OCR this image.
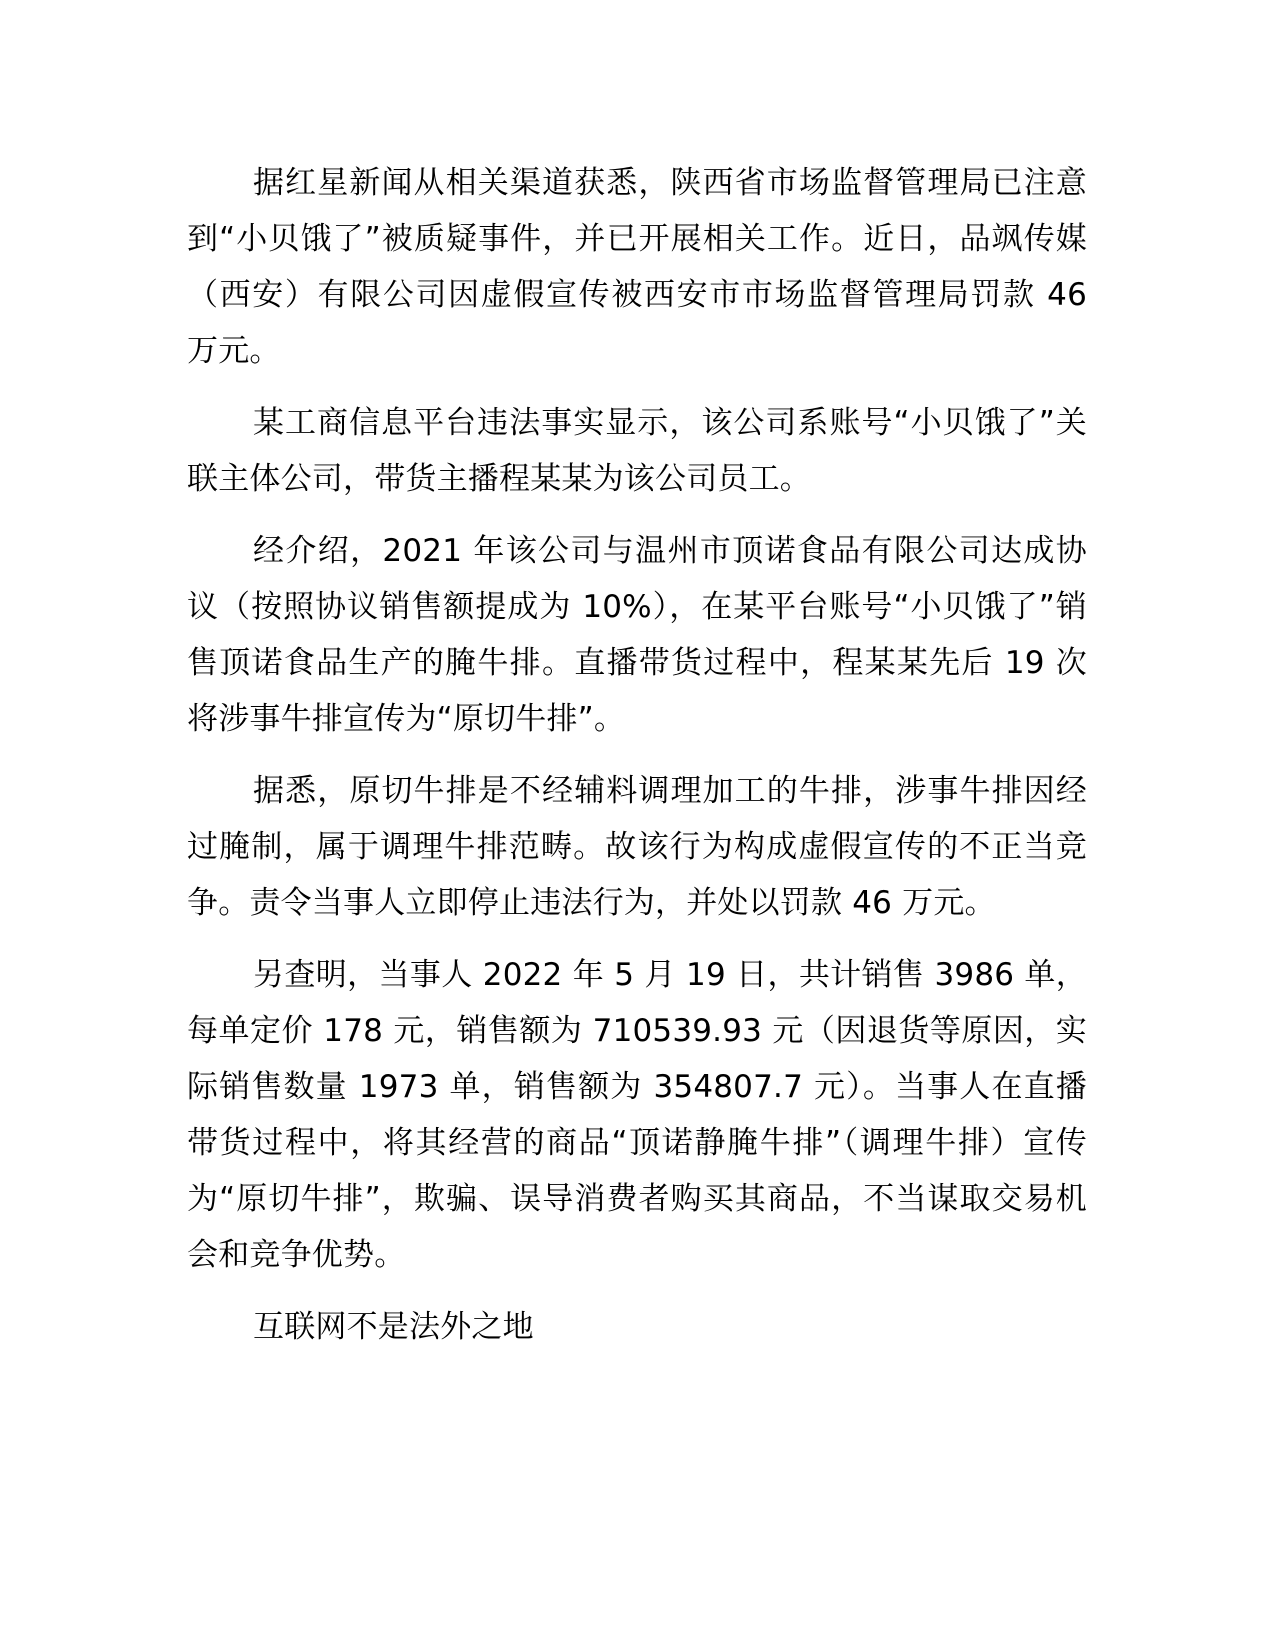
据红星新闻从相关渠道获悉，陕西省市场监督管理局已注意到“小贝饿了”被质疑事件，并已开展相关工作。近日，品飒传媒（西安）有限公司因虚假宣传被西安市市场监督管理局罚款 46 万元。

某工商信息平台违法事实显示，该公司系账号“小贝饿了”关联主体公司，带货主播程某某为该公司员工。

经介绍，2021 年该公司与温州市顶诺食品有限公司达成协议（按照协议销售额提成为 10%），在某平台账号“小贝饿了”销售顶诺食品生产的腌牛排。直播带货过程中，程某某先后 19 次将涉事牛排宣传为“原切牛排”。

据悉，原切牛排是不经辅料调理加工的牛排，涉事牛排因经过腌制，属于调理牛排范畴。故该行为构成虚假宣传的不正当竞争。责令当事人立即停止违法行为，并处以罚款 46 万元。

另查明，当事人 2022 年 5 月 19 日，共计销售 3986 单，每单定价 178 元，销售额为 710539.93 元（因退货等原因，实际销售数量 1973 单，销售额为 354807.7 元）。当事人在直播带货过程中，将其经营的商品“顶诺静腌牛排”（调理牛排）宣传为“原切牛排”，欺骗、误导消费者购买其商品，不当谋取交易机会和竞争优势。

互联网不是法外之地
